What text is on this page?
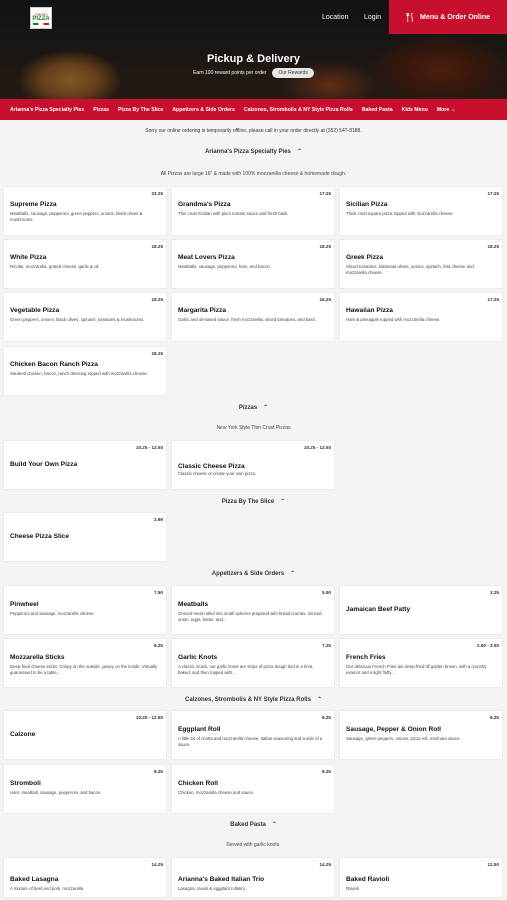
Arianna's
PIZZA	Location Login	Menu & Order Online
Pickup & Delivery
Earn 100 reward points per order	Our Rewards
Arianna's Pizza Specialty Pies Pizzas Pizza By The Slice Appetizers & Side Orders Calzones, Strombolis & NY Style Pizza Rolls Baked Pasta Kids Menu More ⌄
Sorry our online ordering is temporarily offline, please call in your order directly at (352) 547-8188.
Arianna's Pizza Specialty Pies ⌃
All Pizzas are large 16" & made with 100% mozzarella cheese & homemade dough.
23.25
Supreme Pizza
Meatballs, sausage, pepperoni, green peppers, onions, black olives & mushrooms.
17.25
Grandma's Pizza
Thin crust Sicilian with plum tomato sauce and fresh basil.
17.25
Sicilian Pizza
Thick crust square pizza topped with mozzarella cheese.
18.25
White Pizza
Ricotta, mozzarella, grated cheese, garlic & oil.
18.25
Meat Lovers Pizza
Meatballs, sausage, pepperoni, ham, and bacon.
18.25
Greek Pizza
Sliced tomatoes, kalamata olives, onions, spinach, feta cheese and mozzarella cheese.
18.25
Vegetable Pizza
Green peppers, onions, black olives, spinach, tomatoes & mushrooms.
16.25
Margarita Pizza
Garlic and oil-based sauce, fresh mozzarella, sliced tomatoes, and basil.
17.25
Hawaiian Pizza
Ham & pineapple topped with mozzarella cheese.
18.25
Chicken Bacon Ranch Pizza
Sauteed chicken, bacon, ranch dressing topped with mozzarella cheese.
Pizzas ⌃
New York Style Thin Crust Pizzas
10.25 - 12.50
Build Your Own Pizza
10.25 - 12.50
Classic Cheese Pizza
Classic cheese or create your own pizza.
Pizza By The Slice ⌃
2.99
Cheese Pizza Slice
Appetizers & Side Orders ⌃
7.50
Pinwheel
Pepperoni and sausage, mozzarella cheese.
5.50
Meatballs
Ground meat rolled into small spheres prepared with bread crumbs, minced onion, eggs, butter, and...
3.25
Jamaican Beef Patty
8.25
Mozzarella Sticks
Deep-fried cheese sticks. Crispy on the outside, gooey on the inside. Virtually guaranteed to be a table...
7.25
Garlic Knots
A classic snack, our garlic knots are strips of pizza dough tied in a knot, baked, and then topped with...
2.50 - 3.50
French Fries
Our delicious French Fries are deep-fried till golden brown, with a crunchy exterior and a light fluffy...
Calzones, Strombolis & NY Style Pizza Rolls ⌃
10.25 - 12.50
Calzone
8.25
Eggplant Roll
A little bit of ricotta and mozzarella cheese, Italian seasoning and a side of a sauce.
8.25
Sausage, Pepper & Onion Roll
Sausage, green peppers, onions, pizza roll, marinara sauce.
8.25
Stromboli
Ham, meatball, sausage, pepperoni, and bacon.
8.25
Chicken Roll
Chicken, mozzarella cheese and sauce.
Baked Pasta ⌃
Served with garlic knots.
14.25
Baked Lasagna
A mixture of beef and pork, mozzarella
14.25
Arianna's Baked Italian Trio
Lasagna, ravioli & eggplant rollatini.
12.50
Baked Ravioli
Ravioli
